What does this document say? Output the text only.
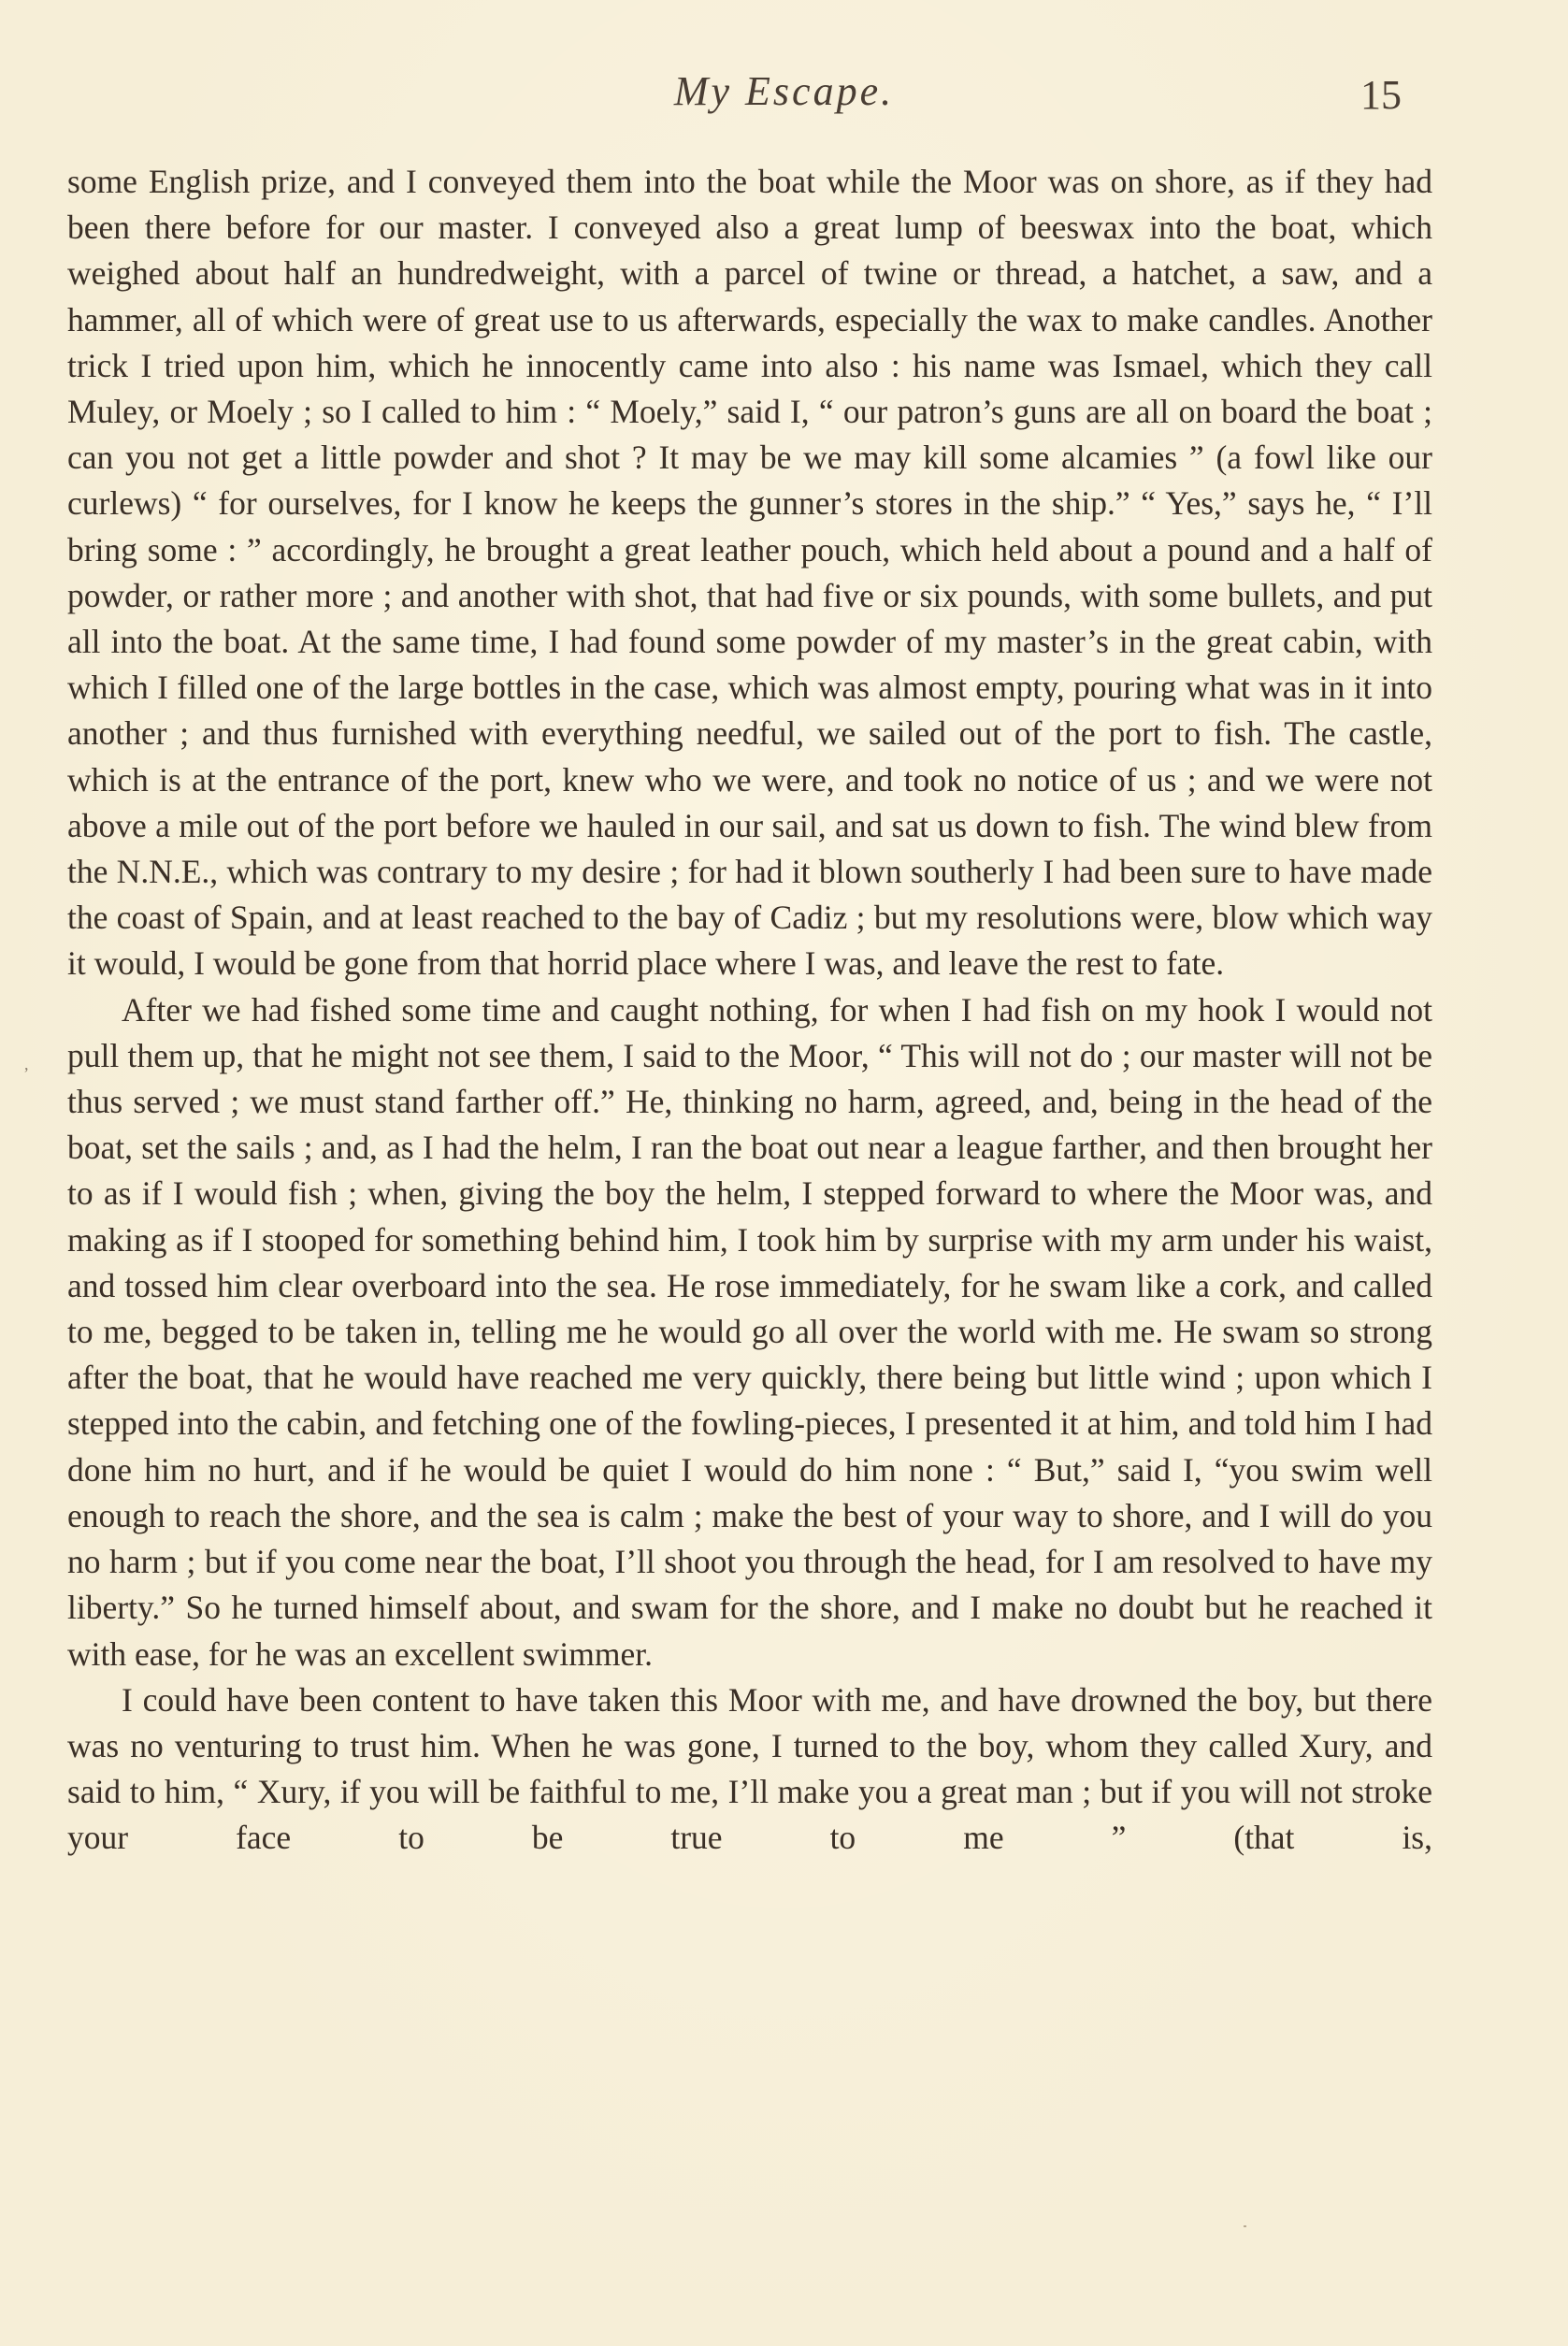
My Escape.	15
,

some English prize, and I conveyed them into the boat while the Moor was on shore, as if they had been there before for our master. I conveyed also a great lump of beeswax into the boat, which weighed about half an hundredweight, with a parcel of twine or thread, a hatchet, a saw, and a hammer, all of which were of great use to us afterwards, especially the wax to make candles. Another trick I tried upon him, which he innocently came into also : his name was Ismael, which they call Muley, or Moely ; so I called to him : “ Moely,” said I, “ our patron’s guns are all on board the boat ; can you not get a little powder and shot ? It may be we may kill some alcamies ” (a fowl like our curlews) “ for ourselves, for I know he keeps the gunner’s stores in the ship.” “ Yes,” says he, “ I’ll bring some : ” accordingly, he brought a great leather pouch, which held about a pound and a half of powder, or rather more ; and another with shot, that had five or six pounds, with some bullets, and put all into the boat. At the same time, I had found some powder of my master’s in the great cabin, with which I filled one of the large bottles in the case, which was almost empty, pouring what was in it into another ; and thus furnished with everything needful, we sailed out of the port to fish. The castle, which is at the entrance of the port, knew who we were, and took no notice of us ; and we were not above a mile out of the port before we hauled in our sail, and sat us down to fish. The wind blew from the N.N.E., which was contrary to my desire ; for had it blown southerly I had been sure to have made the coast of Spain, and at least reached to the bay of Cadiz ; but my resolutions were, blow which way it would, I would be gone from that horrid place where I was, and leave the rest to fate.

After we had fished some time and caught nothing, for when I had fish on my hook I would not pull them up, that he might not see them, I said to the Moor, “ This will not do ; our master will not be thus served ; we must stand farther off.” He, thinking no harm, agreed, and, being in the head of the boat, set the sails ; and, as I had the helm, I ran the boat out near a league farther, and then brought her to as if I would fish ; when, giving the boy the helm, I stepped forward to where the Moor was, and making as if I stooped for something behind him, I took him by surprise with my arm under his waist, and tossed him clear overboard into the sea. He rose immediately, for he swam like a cork, and called to me, begged to be taken in, telling me he would go all over the world with me. He swam so strong after the boat, that he would have reached me very quickly, there being but little wind ; upon which I stepped into the cabin, and fetching one of the fowling-pieces, I presented it at him, and told him I had done him no hurt, and if he would be quiet I would do him none : “ But,” said I, “you swim well enough to reach the shore, and the sea is calm ; make the best of your way to shore, and I will do you no harm ; but if you come near the boat, I’ll shoot you through the head, for I am resolved to have my liberty.” So he turned himself about, and swam for the shore, and I make no doubt but he reached it with ease, for he was an excellent swimmer.

I could have been content to have taken this Moor with me, and have drowned the boy, but there was no venturing to trust him. When he was gone, I turned to the boy, whom they called Xury, and said to him, “ Xury, if you will be faithful to me, I’ll make you a great man ; but if you will not stroke your face to be true to me ” (that is,
